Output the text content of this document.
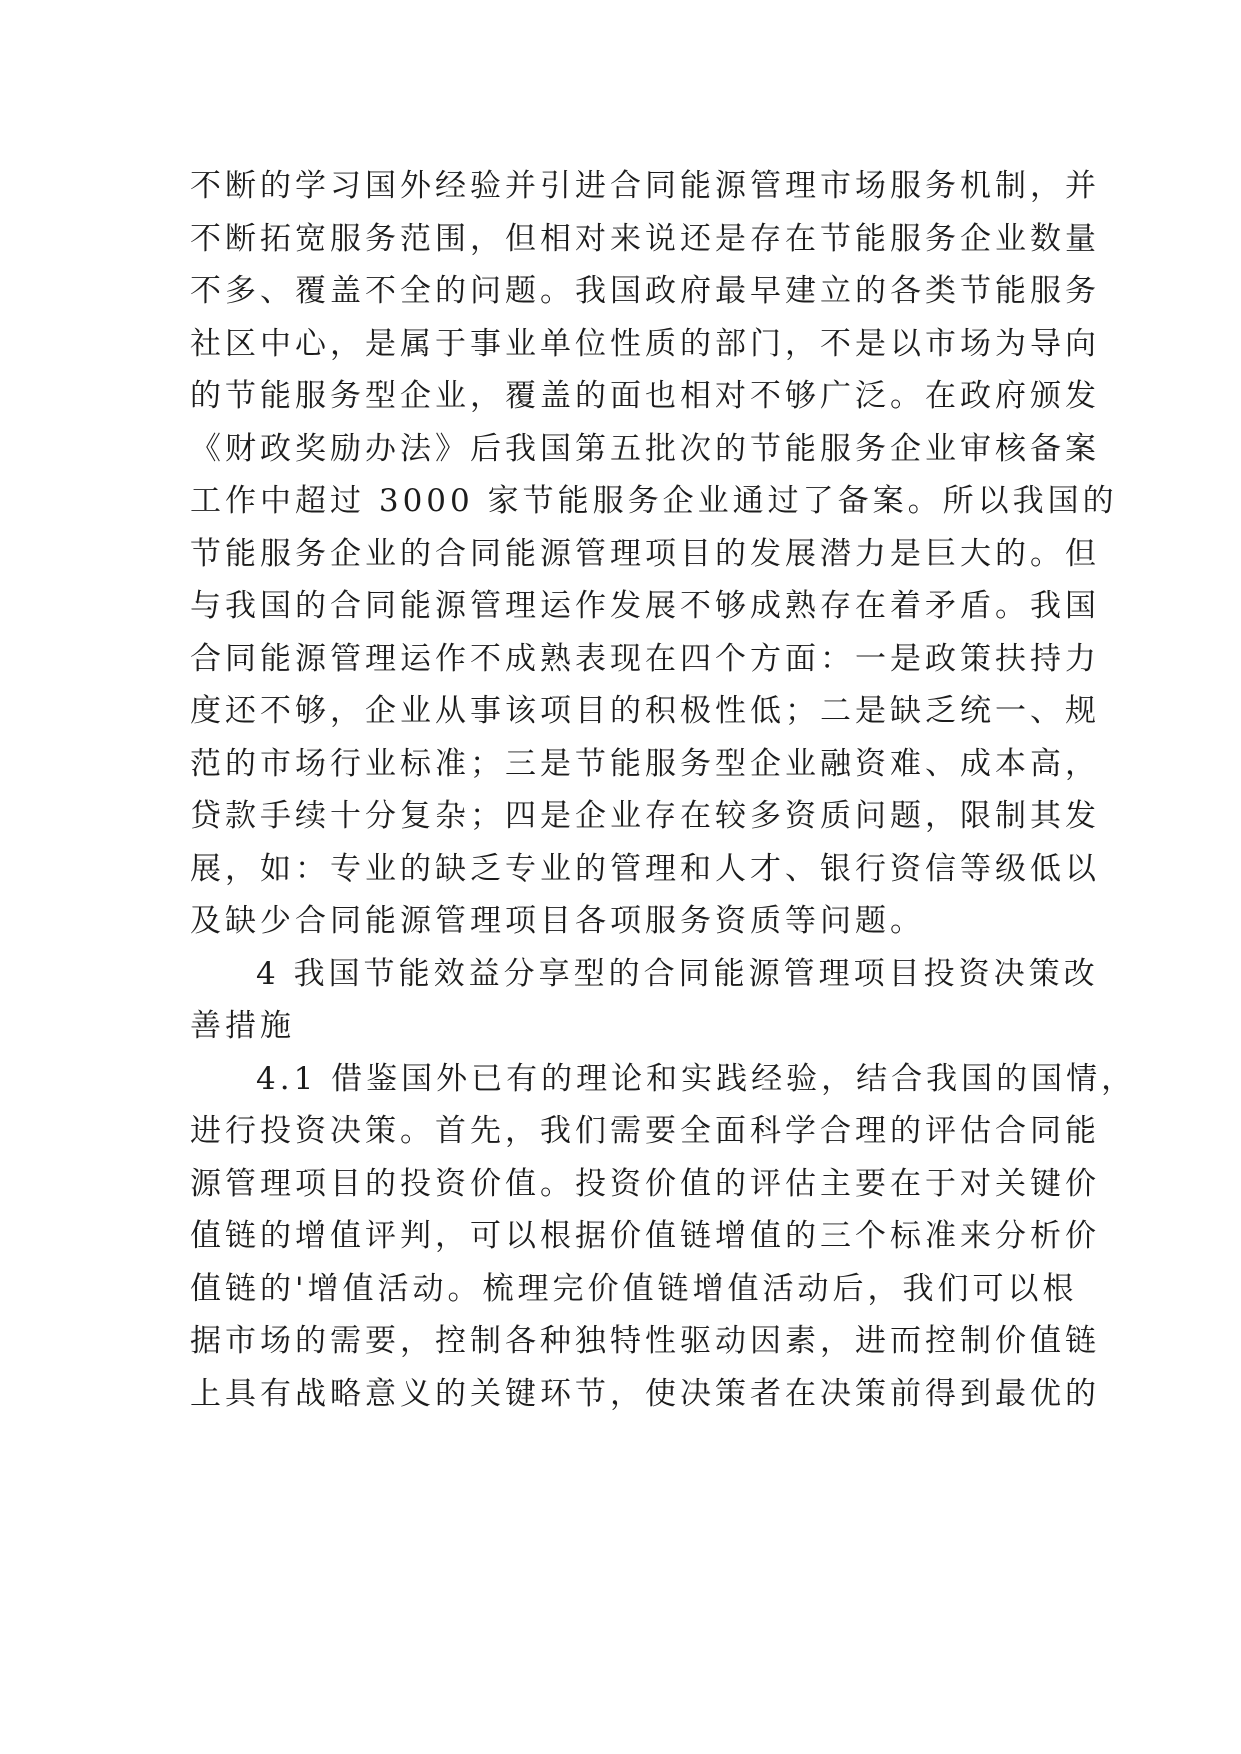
不断的学习国外经验并引进合同能源管理市场服务机制，并
不断拓宽服务范围，但相对来说还是存在节能服务企业数量
不多、覆盖不全的问题。我国政府最早建立的各类节能服务
社区中心，是属于事业单位性质的部门，不是以市场为导向
的节能服务型企业，覆盖的面也相对不够广泛。在政府颁发
《财政奖励办法》后我国第五批次的节能服务企业审核备案
工作中超过 3000 家节能服务企业通过了备案。所以我国的
节能服务企业的合同能源管理项目的发展潜力是巨大的。但
与我国的合同能源管理运作发展不够成熟存在着矛盾。我国
合同能源管理运作不成熟表现在四个方面：一是政策扶持力
度还不够，企业从事该项目的积极性低；二是缺乏统一、规
范的市场行业标准；三是节能服务型企业融资难、成本高，
贷款手续十分复杂；四是企业存在较多资质问题，限制其发
展，如：专业的缺乏专业的管理和人才、银行资信等级低以
及缺少合同能源管理项目各项服务资质等问题。
4 我国节能效益分享型的合同能源管理项目投资决策改
善措施
4.1 借鉴国外已有的理论和实践经验，结合我国的国情，
进行投资决策。首先，我们需要全面科学合理的评估合同能
源管理项目的投资价值。投资价值的评估主要在于对关键价
值链的增值评判，可以根据价值链增值的三个标准来分析价
值链的'增值活动。梳理完价值链增值活动后，我们可以根
据市场的需要，控制各种独特性驱动因素，进而控制价值链
上具有战略意义的关键环节，使决策者在决策前得到最优的
